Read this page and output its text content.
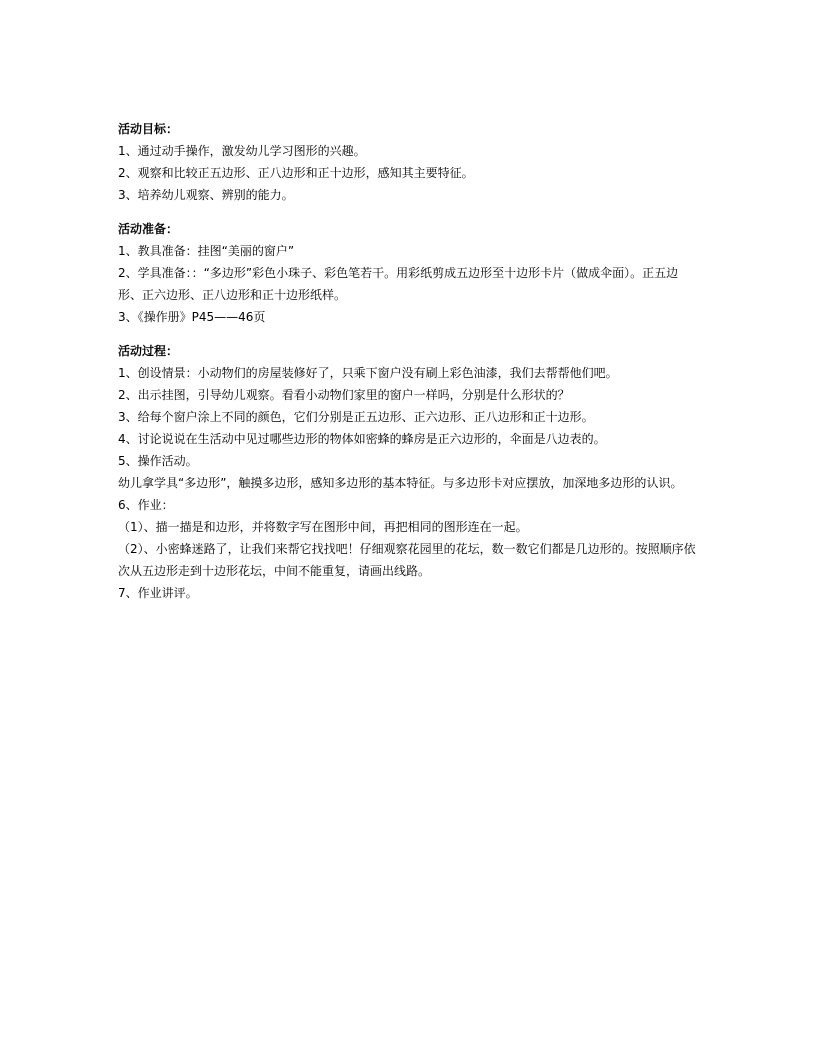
活动目标：

1、通过动手操作，激发幼儿学习图形的兴趣。

2、观察和比较正五边形、正八边形和正十边形，感知其主要特征。

3、培养幼儿观察、辨别的能力。

活动准备：

1、教具准备：挂图“美丽的窗户”

2、学具准备：：“多边形”彩色小珠子、彩色笔若干。用彩纸剪成五边形至十边形卡片（做成伞面）。正五边形、正六边形、正八边形和正十边形纸样。

3、《操作册》P45——46页

活动过程：

1、创设情景：小动物们的房屋装修好了，只乘下窗户没有刷上彩色油漆，我们去帮帮他们吧。

2、出示挂图，引导幼儿观察。看看小动物们家里的窗户一样吗，分别是什么形状的？

3、给每个窗户涂上不同的颜色，它们分别是正五边形、正六边形、正八边形和正十边形。

4、讨论说说在生活动中见过哪些边形的物体如密蜂的蜂房是正六边形的，伞面是八边表的。

5、操作活动。

幼儿拿学具“多边形”，触摸多边形，感知多边形的基本特征。与多边形卡对应摆放，加深地多边形的认识。

6、作业：

（1）、描一描是和边形，并将数字写在图形中间，再把相同的图形连在一起。

（2）、小密蜂迷路了，让我们来帮它找找吧！仔细观察花园里的花坛，数一数它们都是几边形的。按照顺序依次从五边形走到十边形花坛，中间不能重复，请画出线路。

7、作业讲评。
